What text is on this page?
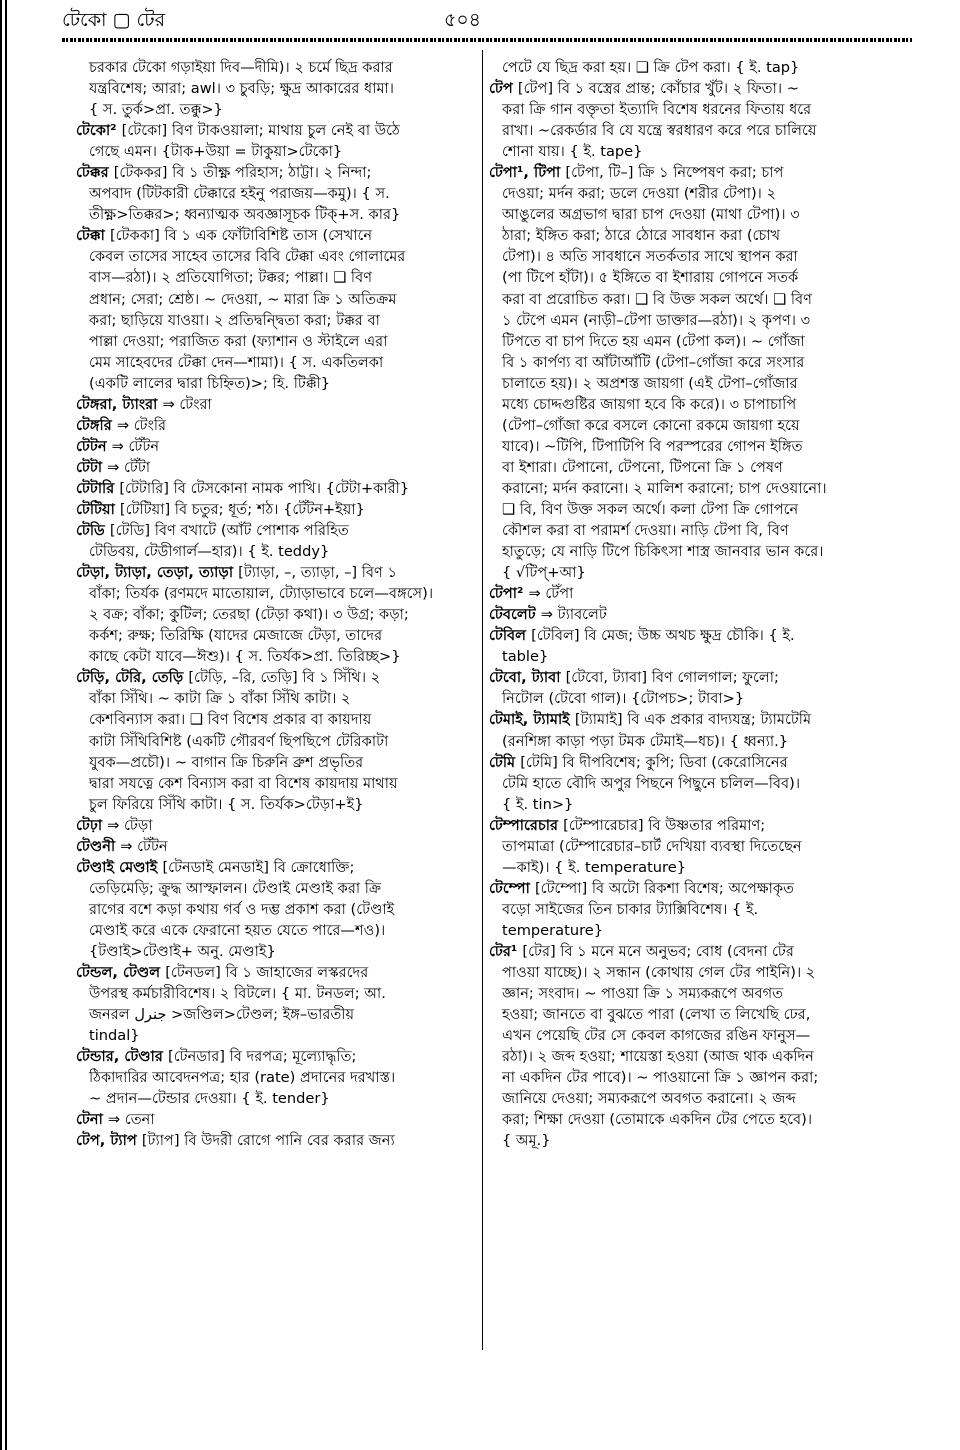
টেকো ▢ টের	৫০৪
চরকার টেকো গড়াইয়া দিব—দীমি)। ২ চর্মে ছিদ্র করার
যন্ত্রবিশেষ; আরা; awl। ৩ চুবড়ি; ক্ষুদ্র আকারের ধামা।
{ স. তুর্ক>প্রা. তক্কু>}
টেকো² [টেকো] বিণ টাকওয়ালা; মাথায় চুল নেই বা উঠে
গেছে এমন। {টাক+উয়া = টাকুয়া>টেকো}
টেক্কর [টেককর] বি ১ তীক্ষ্ণ পরিহাস; ঠাট্টা। ২ নিন্দা;
অপবাদ (টিটকারী টেক্কারে হইনু পরাজয়—কমু)। { স.
তীক্ষ্ণ>তিক্কর>; ধ্বন্যাত্মক অবজ্ঞাসূচক টিক্+স. কার}
টেক্কা [টেককা] বি ১ এক ফোঁটাবিশিষ্ট তাস (সেখানে
কেবল তাসের সাহেব তাসের বিবি টেক্কা এবং গোলামের
বাস—রঠা)। ২ প্রতিযোগিতা; টক্কর; পাল্লা। ❑ বিণ
প্রধান; সেরা; শ্রেষ্ঠ। ~ দেওয়া, ~ মারা ক্রি ১ অতিক্রম
করা; ছাড়িয়ে যাওয়া। ২ প্রতিদ্বন্দ্বিতা করা; টক্কর বা
পাল্লা দেওয়া; পরাজিত করা (ফ্যাশান ও স্টাইলে এরা
মেম সাহেবদের টেক্কা দেন—শামা)। { স. একতিলকা
(একটি লালের দ্বারা চিহ্নিত)>; হি. টিক্কী}
টেঙ্গরা, ট্যাংরা ⇒ টেংরা
টেঙ্গরি ⇒ টেংরি
টেটন ⇒ টেঁটন
টেটা ⇒ টেঁটা
টেটারি [টেটারি] বি টেসকোনা নামক পাখি। {টেটা+কারী}
টেটিয়া [টেটিয়া] বি চতুর; ধূর্ত; শঠ। {টেঁটন+ইয়া}
টেডি [টেডি] বিণ বখাটে (আঁট পোশাক পরিহিত
টেডিবয়, টেডীগার্ল—হার)। { ই. teddy}
টেড়া, ট্যাড়া, তেড়া, ত্যাড়া [ট্যাড়া, –, ত্যাড়া, –] বিণ ১
বাঁকা; তির্যক (রণমদে মাতোয়াল, ট্যোড়াভাবে চলে—বঙ্গসে)।
২ বক্র; বাঁকা; কুটিল; তেরছা (টেড়া কথা)। ৩ উগ্র; কড়া;
কর্কশ; রুক্ষ; তিরিক্ষি (যাদের মেজাজে টেড়া, তাদের
কাছে কেটা যাবে—ঈশু)। { স. তির্যক>প্রা. তিরিচ্ছ>}
টেড়ি, টেরি, তেড়ি [টেড়ি, –রি, তেড়ি] বি ১ সিঁথি। ২
বাঁকা সিঁথি। ~ কাটা ক্রি ১ বাঁকা সিঁথি কাটা। ২
কেশবিন্যাস করা। ❑ বিণ বিশেষ প্রকার বা কায়দায়
কাটা সিঁথিবিশিষ্ট (একটি গৌরবর্ণ ছিপছিপে টেরিকাটা
যুবক—প্রচৌ)। ~ বাগান ক্রি চিরুনি ব্রুশ প্রভৃতির
দ্বারা সযত্নে কেশ বিন্যাস করা বা বিশেষ কায়দায় মাথায়
চুল ফিরিয়ে সিঁথি কাটা। { স. তির্যক>টেড়া+ই}
টেঢ়া ⇒ টেড়া
টেণ্ডনী ⇒ টেঁটন
টেণ্ডাই মেণ্ডাই [টেনডাই মেনডাই] বি ক্রোধোক্তি;
তেড়িমেড়ি; ক্রুদ্ধ আস্ফালন। টেণ্ডাই মেণ্ডাই করা ক্রি
রাগের বশে কড়া কথায় গর্ব ও দম্ভ প্রকাশ করা (টেণ্ডাই
মেণ্ডাই করে একে ফেরানো হয়ত যেতে পারে—শও)।
{টণ্ডাই>টেণ্ডাই+ অনু. মেণ্ডাই}
টেন্ডল, টেণ্ডল [টেনডল] বি ১ জাহাজের লস্করদের
উপরস্থ কর্মচারীবিশেষ। ২ বিটলে। { মা. টনডল; আ.
জনরল جنرل >জণ্ডিল>টেণ্ডল; ইঙ্গ–ভারতীয়
tindal}
টেন্ডার, টেণ্ডার [টেনডার] বি দরপত্র; মূল্যোদ্ধৃতি;
ঠিকাদারির আবেদনপত্র; হার (rate) প্রদানের দরখাস্ত।
~ প্রদান—টেন্ডার দেওয়া। { ই. tender}
টেনা ⇒ তেনা
টেপ, ট্যাপ [ট্যাপ] বি উদরী রোগে পানি বের করার জন্য
পেটে যে ছিদ্র করা হয়। ❑ ক্রি টেপ করা। { ই. tap}
টেপ [টেপ] বি ১ বস্ত্রের প্রান্ত; কোঁচার খুঁট। ২ ফিতা। ~
করা ক্রি গান বক্তৃতা ইত্যাদি বিশেষ ধরনের ফিতায় ধরে
রাখা। ~রেকর্ডার বি যে যন্ত্রে স্বরধারণ করে পরে চালিয়ে
শোনা যায়। { ই. tape}
টেপা¹, টিপা [টেপা, টি–] ক্রি ১ নিষ্পেষণ করা; চাপ
দেওয়া; মর্দন করা; ডলে দেওয়া (শরীর টেপা)। ২
আঙুলের অগ্রভাগ দ্বারা চাপ দেওয়া (মাথা টেপা)। ৩
ঠারা; ইঙ্গিত করা; ঠারে ঠোরে সাবধান করা (চোখ
টেপা)। ৪ অতি সাবধানে সতর্কতার সাথে স্থাপন করা
(পা টিপে হাঁটা)। ৫ ইঙ্গিতে বা ইশারায় গোপনে সতর্ক
করা বা প্ররোচিত করা। ❑ বি উক্ত সকল অর্থে। ❑ বিণ
১ টেপে এমন (নাড়ী–টেপা ডাক্তার—রঠা)। ২ কৃপণ। ৩
টিপতে বা চাপ দিতে হয় এমন (টেপা কল)। ~ গোঁজা
বি ১ কার্পণ্য বা আঁটাআঁটি (টেপা–গোঁজা করে সংসার
চালাতে হয়)। ২ অপ্রশস্ত জায়গা (এই টেপা–গোঁজার
মধ্যে চোদ্দগুষ্টির জায়গা হবে কি করে)। ৩ চাপাচাপি
(টেপা–গোঁজা করে বসলে কোনো রকমে জায়গা হয়ে
যাবে)। ~টিপি, টিপাটিপি বি পরস্পরের গোপন ইঙ্গিত
বা ইশারা। টেপানো, টেপনো, টিপনো ক্রি ১ পেষণ
করানো; মর্দন করানো। ২ মালিশ করানো; চাপ দেওয়ানো।
❑ বি, বিণ উক্ত সকল অর্থে। কলা টেপা ক্রি গোপনে
কৌশল করা বা পরামর্শ দেওয়া। নাড়ি টেপা বি, বিণ
হাতুড়ে; যে নাড়ি টিপে চিকিৎসা শাস্ত্র জানবার ভান করে।
{ √টিপ্+আ}
টেপা² ⇒ টেঁপা
টেবলেট ⇒ ট্যাবলেট
টেবিল [টেবিল] বি মেজ; উচ্চ অথচ ক্ষুদ্র চৌকি। { ই.
table}
টেবো, ট্যাবা [টেবো, ট্যাবা] বিণ গোলগাল; ফুলো;
নিটোল (টেবো গাল)। {টোপচ>; টাবা>}
টেমাই, ট্যামাই [ট্যামাই] বি এক প্রকার বাদ্যযন্ত্র; ট্যামটেমি
(রনশিঙ্গা কাড়া পড়া টমক টেমাই—ধচ)। { ধ্বন্যা.}
টেমি [টেমি] বি দীপবিশেষ; কুপি; ডিবা (কেরোসিনের
টেমি হাতে বৌদি অপুর পিছনে পিছুনে চলিল—বিব)।
{ ই. tin>}
টেম্পারেচার [টেম্পারেচার] বি উষ্ণতার পরিমাণ;
তাপমাত্রা (টেম্পারেচার–চার্ট দেখিয়া ব্যবস্থা দিতেছেন
—কাই)। { ই. temperature}
টেম্পো [টেম্পো] বি অটো রিকশা বিশেষ; অপেক্ষাকৃত
বড়ো সাইজের তিন চাকার ট্যাক্সিবিশেষ। { ই.
temperature}
টের¹ [টের] বি ১ মনে মনে অনুভব; বোধ (বেদনা টের
পাওয়া যাচ্ছে)। ২ সন্ধান (কোথায় গেল টের পাইনি)। ২
জ্ঞান; সংবাদ। ~ পাওয়া ক্রি ১ সম্যকরূপে অবগত
হওয়া; জানতে বা বুঝতে পারা (লেখা ত লিখেছি ঢের,
এখন পেয়েছি টের সে কেবল কাগজের রঙিন ফানুস—
রঠা)। ২ জব্দ হওয়া; শায়েস্তা হওয়া (আজ থাক একদিন
না একদিন টের পাবে)। ~ পাওয়ানো ক্রি ১ জ্ঞাপন করা;
জানিয়ে দেওয়া; সম্যকরূপে অবগত করানো। ২ জব্দ
করা; শিক্ষা দেওয়া (তোমাকে একদিন টের পেতে হবে)।
{ অমূ.}
